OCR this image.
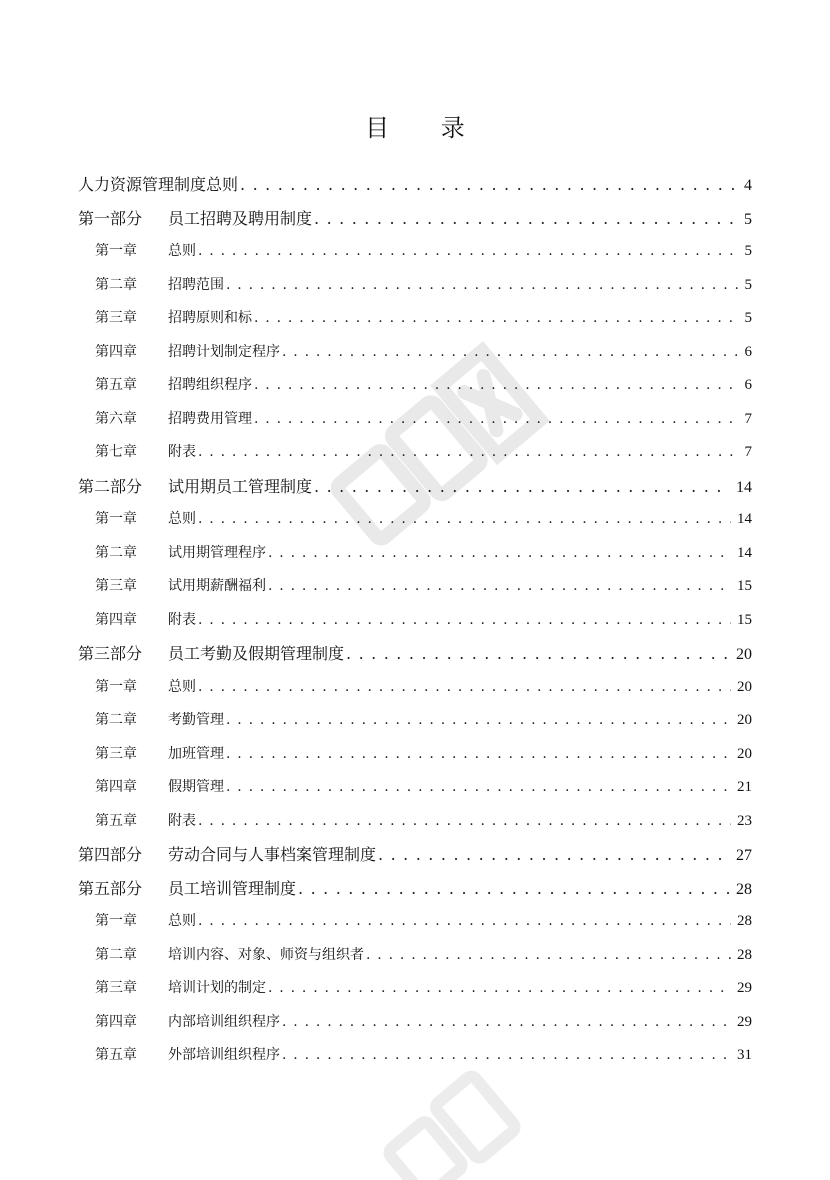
目 录
人力资源管理制度总则 . . .	4
第一部分	员工招聘及聘用制度 . . .	5
第一章	总则 . . .	5
第二章	招聘范围 . . .	5
第三章	招聘原则和标 . . .	5
第四章	招聘计划制定程序 . . .	6
第五章	招聘组织程序 . . .	6
第六章	招聘费用管理 . . .	7
第七章	附表 . . .	7
第二部分	试用期员工管理制度 . . .	14
第一章	总则 . . .	14
第二章	试用期管理程序 . . .	14
第三章	试用期薪酬福利 . . .	15
第四章	附表 . . .	15
第三部分	员工考勤及假期管理制度 . . .	20
第一章	总则 . . .	20
第二章	考勤管理 . . .	20
第三章	加班管理 . . .	20
第四章	假期管理 . . .	21
第五章	附表 . . .	23
第四部分	劳动合同与人事档案管理制度 . . .	27
第五部分	员工培训管理制度 . . .	28
第一章	总则 . . .	28
第二章	培训内容、对象、师资与组织者 . . .	28
第三章	培训计划的制定 . . .	29
第四章	内部培训组织程序 . . .	29
第五章	外部培训组织程序 . . .	31
